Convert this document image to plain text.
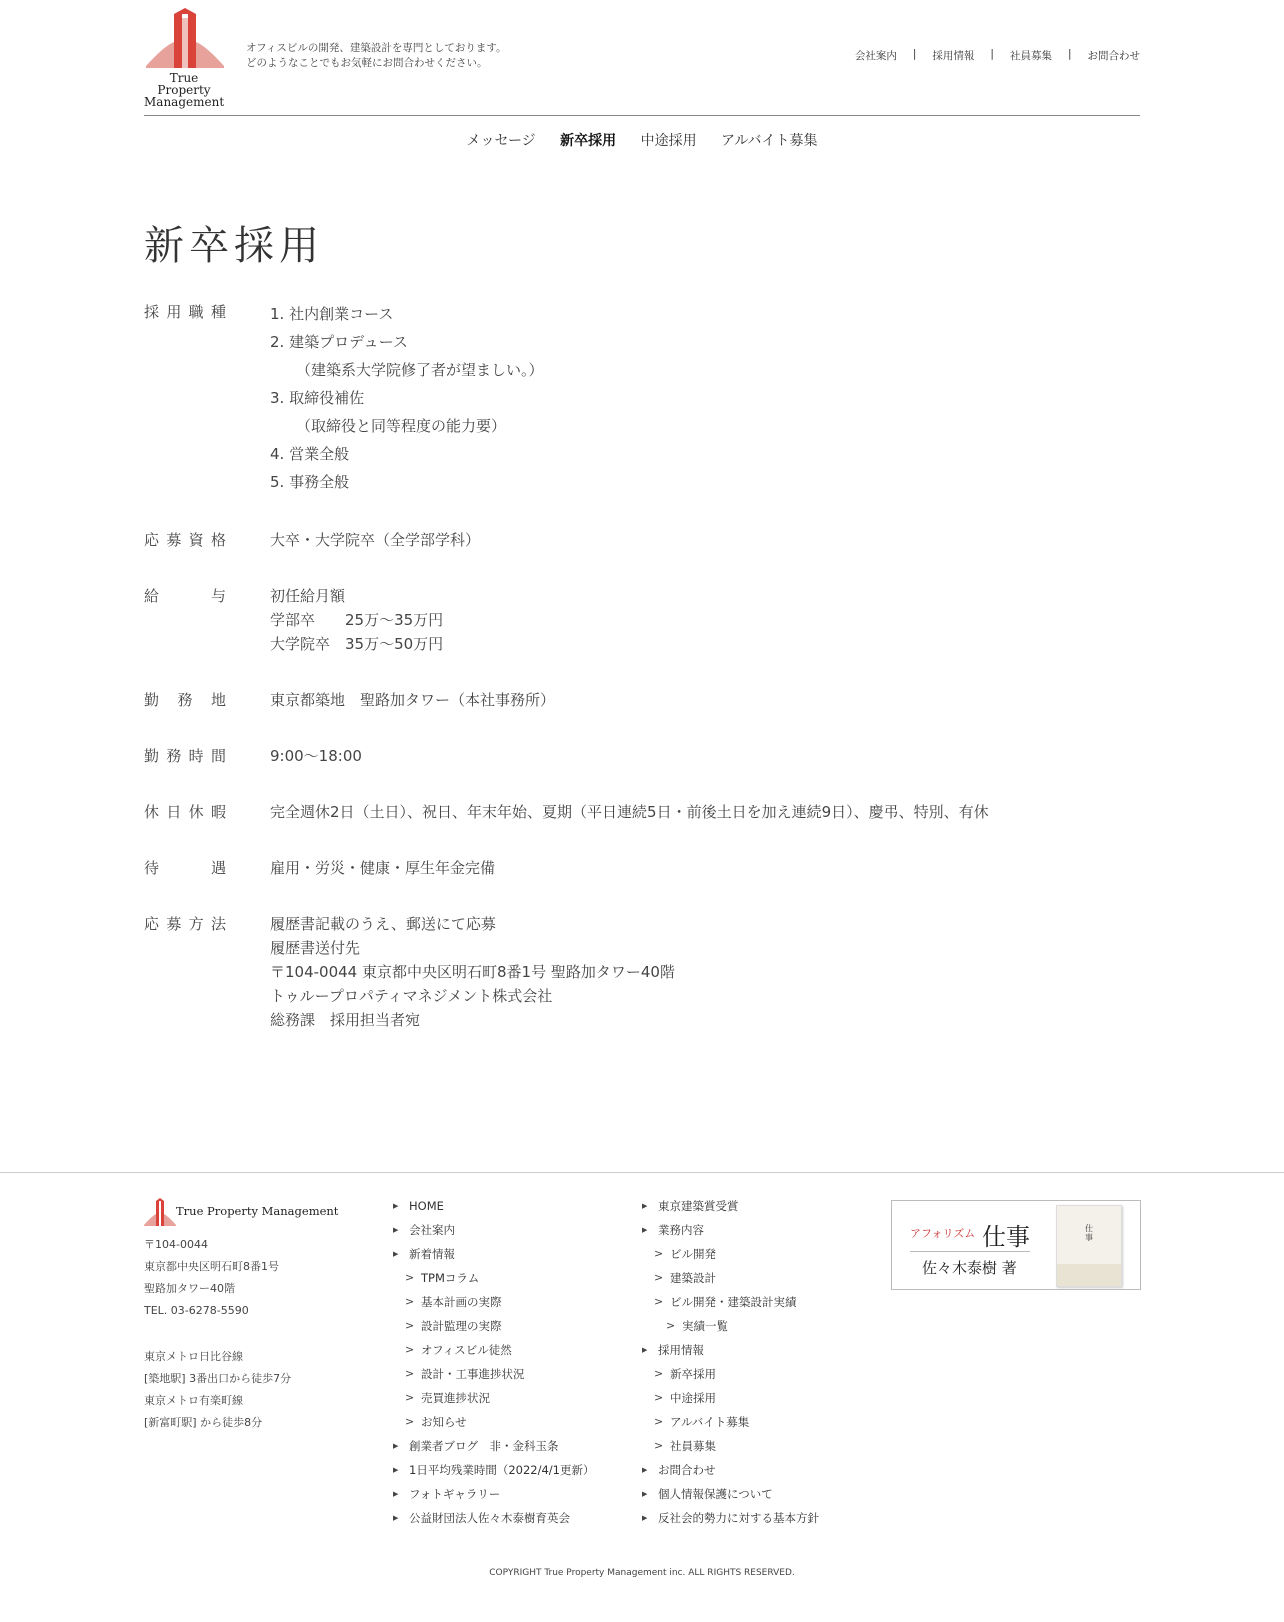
True
Property
Management
オフィスビルの開発、建築設計を専門としております。
どのようなことでもお気軽にお問合わせください。
会社案内 | 採用情報 | 社員募集 | お問合わせ
メッセージ 新卒採用 中途採用 アルバイト募集
新卒採用
採用職種	1. 社内創業コース
2. 建築プロデュース
（建築系大学院修了者が望ましい。）
3. 取締役補佐
（取締役と同等程度の能力要）
4. 営業全般
5. 事務全般
応募資格	大卒・大学院卒（全学部学科）
給与	初任給月額
学部卒　　25万～35万円
大学院卒　35万～50万円
勤務地	東京都築地　聖路加タワー（本社事務所）
勤務時間	9:00～18:00
休日休暇	完全週休2日（土日）、祝日、年末年始、夏期（平日連続5日・前後土日を加え連続9日）、慶弔、特別、有休
待遇	雇用・労災・健康・厚生年金完備
応募方法	履歴書記載のうえ、郵送にて応募
履歴書送付先
〒104-0044 東京都中央区明石町8番1号 聖路加タワー40階
トゥループロパティマネジメント株式会社
総務課　採用担当者宛
True Property Management
〒104-0044
東京都中央区明石町8番1号
聖路加タワー40階
TEL. 03-6278-5590
東京メトロ日比谷線
[築地駅] 3番出口から徒歩7分
東京メトロ有楽町線
[新富町駅] から徒歩8分
▶ HOME
▶ 会社案内
▶ 新着情報
> TPMコラム
> 基本計画の実際
> 設計監理の実際
> オフィスビル徒然
> 設計・工事進捗状況
> 売買進捗状況
> お知らせ
▶ 創業者ブログ　非・金科玉条
▶ 1日平均残業時間（2022/4/1更新）
▶ フォトギャラリー
▶ 公益財団法人佐々木泰樹育英会
▶ 東京建築賞受賞
▶ 業務内容
> ビル開発
> 建築設計
> ビル開発・建築設計実績
> 実績一覧
▶ 採用情報
> 新卒採用
> 中途採用
> アルバイト募集
> 社員募集
▶ お問合わせ
▶ 個人情報保護について
▶ 反社会的勢力に対する基本方針
アフォリズム 仕事
佐々木泰樹 著
仕事
COPYRIGHT True Property Management inc. ALL RIGHTS RESERVED.
